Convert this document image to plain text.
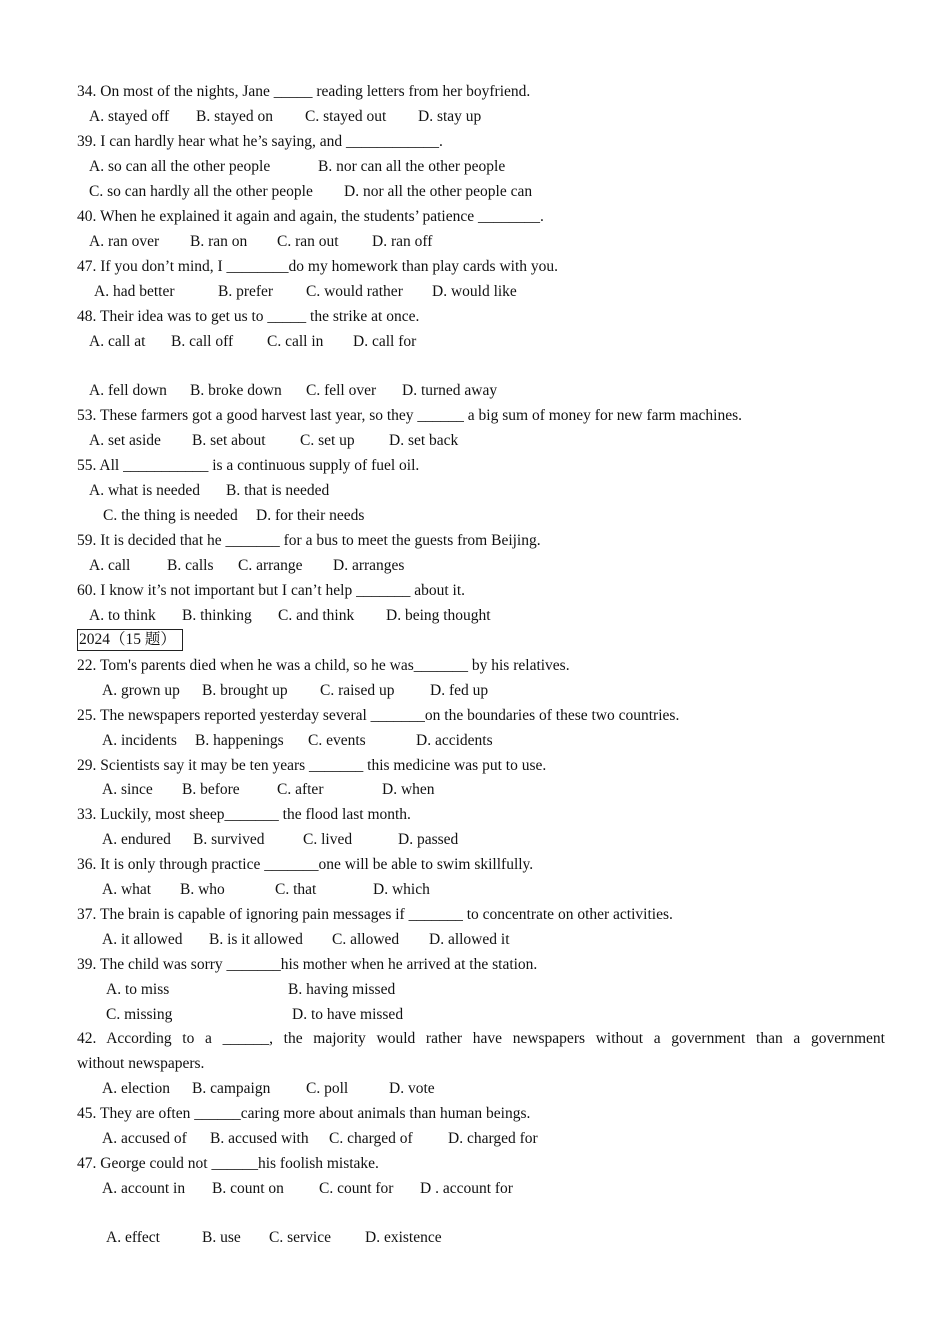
34. On most of the nights, Jane _____ reading letters from her boyfriend.
A. stayed off B. stayed on C. stayed out D. stay up
39. I can hardly hear what he’s saying, and ____________.
A. so can all the other people	B. nor can all the other people
C. so can hardly all the other people D. nor all the other people can
40. When he explained it again and again, the students’ patience ________.
A. ran over B. ran on C. ran out D. ran off
47. If you don’t mind, I ________do my homework than play cards with you.
A. had better	B. prefer C. would rather D. would like
48. Their idea was to get us to _____ the strike at once.
A. call at B. call off C. call in D. call for
A. fell down B. broke down C. fell over D. turned away
53. These farmers got a good harvest last year, so they ______ a big sum of money for new farm machines.
A. set aside B. set about C. set up D. set back
55. All ___________ is a continuous supply of fuel oil.
A. what is needed B. that is needed
C. the thing is needed D. for their needs
59. It is decided that he _______ for a bus to meet the guests from Beijing.
A. call B. calls C. arrange D. arranges
60. I know it’s not important but I can’t help _______ about it.
A. to think B. thinking C. and think D. being thought
2024（15 题）
22. Tom's parents died when he was a child, so he was_______ by his relatives.
A. grown up B. brought up C. raised up D. fed up
25. The newspapers reported yesterday several _______on the boundaries of these two countries.
A. incidents B. happenings C. events	D. accidents
29. Scientists say it may be ten years _______ this medicine was put to use.
A. since B. before C. after	D. when
33. Luckily, most sheep_______ the flood last month.
A. endured B. survived C. lived	D. passed
36. It is only through practice _______one will be able to swim skillfully.
A. what B. who	C. that	D. which
37. The brain is capable of ignoring pain messages if _______ to concentrate on other activities.
A. it allowed B. is it allowed C. allowed D. allowed it
39. The child was sorry _______his mother when he arrived at the station.
A. to miss	B. having missed
C. missing	D. to have missed
42. According to a ______, the majority would rather have newspapers without a government than a government
without newspapers.
A. election B. campaign C. poll	D. vote
45. They are often ______caring more about animals than human beings.
A. accused of B. accused with C. charged of D. charged for
47. George could not ______his foolish mistake.
A. account in B. count on C. count for D . account for
A. effect	B. use C. service D. existence
